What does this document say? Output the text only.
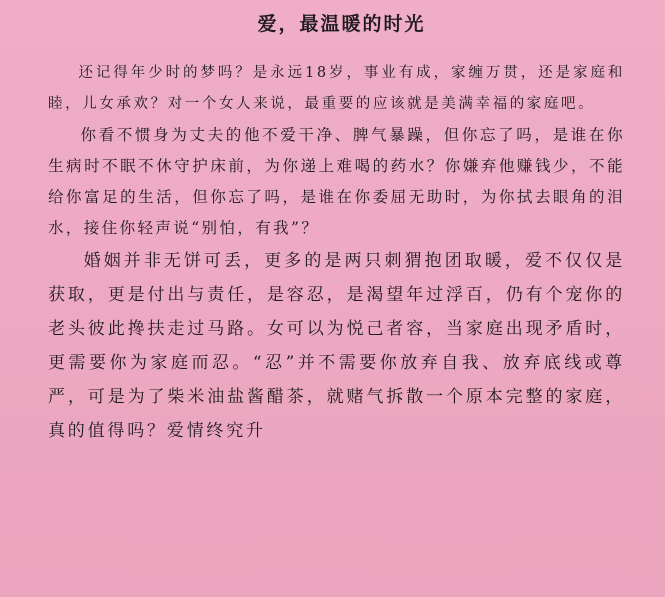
爱，最温暖的时光

还记得年少时的梦吗？是永远18岁，事业有成，家缠万贯，还是家庭和睦，儿女承欢？对一个女人来说，最重要的应该就是美满幸福的家庭吧。

你看不惯身为丈夫的他不爱干净、脾气暴躁，但你忘了吗，是谁在你生病时不眠不休守护床前，为你递上难喝的药水？你嫌弃他赚钱少，不能给你富足的生活，但你忘了吗，是谁在你委屈无助时，为你拭去眼角的泪水，接住你轻声说“别怕，有我”？

婚姻并非无饼可丢，更多的是两只刺猬抱团取暖，爱不仅仅是获取，更是付出与责任，是容忍，是渴望年过浮百，仍有个宠你的老头彼此搀扶走过马路。女可以为悦己者容，当家庭出现矛盾时，更需要你为家庭而忍。“忍”并不需要你放弃自我、放弃底线或尊严，可是为了柴米油盐酱醋茶，就赌气拆散一个原本完整的家庭，真的值得吗？爱情终究升
